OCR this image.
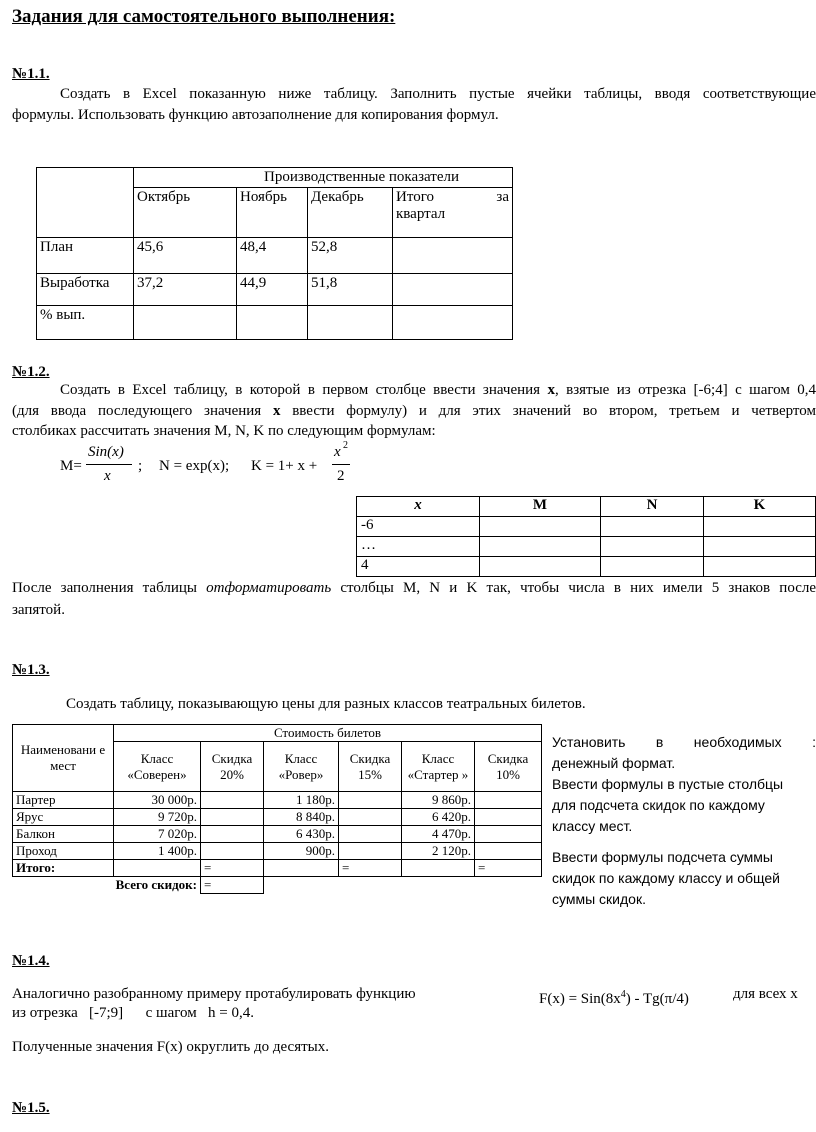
Задания для самостоятельного выполнения:
№1.1.
Создать в Excel показанную ниже таблицу. Заполнить пустые ячейки таблицы, вводя соответствующие
формулы. Использовать функцию автозаполнение для копирования формул.
	Производственные показатели			
	Октябрь	Ноябрь	Декабрь	Итого за
квартал

План	45,6	48,4	52,8	
Выработка	37,2	44,9	51,8	
% вып.				
№1.2.
Создать в Excel таблицу, в которой в первом столбце ввести значения x, взятые из отрезка [-6;4] с шагом 0,4
(для ввода последующего значения x ввести формулу) и для этих значений во втором, третьем и четвертом
столбиках рассчитать значения М, N, K по следующим формулам:
M=
Sin(x)
x
; N = exp(x); K = 1+ x +
x 2
2
x	M	N	K
-6			
…			
4			
После заполнения таблицы отформатировать столбцы M, N и K так, чтобы числа в них имели 5 знаков после
запятой.
№1.3.
Создать таблицу, показывающую цены для разных классов театральных билетов.
Наименовани е мест	Стоимость билетов					
	Класс «Соверен»	Скидка 20%	Класс «Ровер»	Скидка 15%	Класс «Стартер »	Скидка 10%
Партер	30 000р.		1 180р.		9 860р.	
Ярус	9 720р.		8 840р.		6 420р.	
Балкон	7 020р.		6 430р.		4 470р.	
Проход	1 400р.		900р.		2 120р.	
Итого:		=		=		=
Всего скидок:		=				
Установить в необходимых :
денежный формат.
Ввести формулы в пустые столбцы
для подсчета скидок по каждому
классу мест.
Ввести формулы подсчета суммы
скидок по каждому классу и общей
суммы скидок.
№1.4.
Аналогично разобранному примеру протабулировать функцию	$F(x) = Sin(8x^4) - Tg(\pi/4)$	для всех x
из отрезка   [-7;9]      с шагом   h = 0,4.
Полученные значения F(x) округлить до десятых.
№1.5.
